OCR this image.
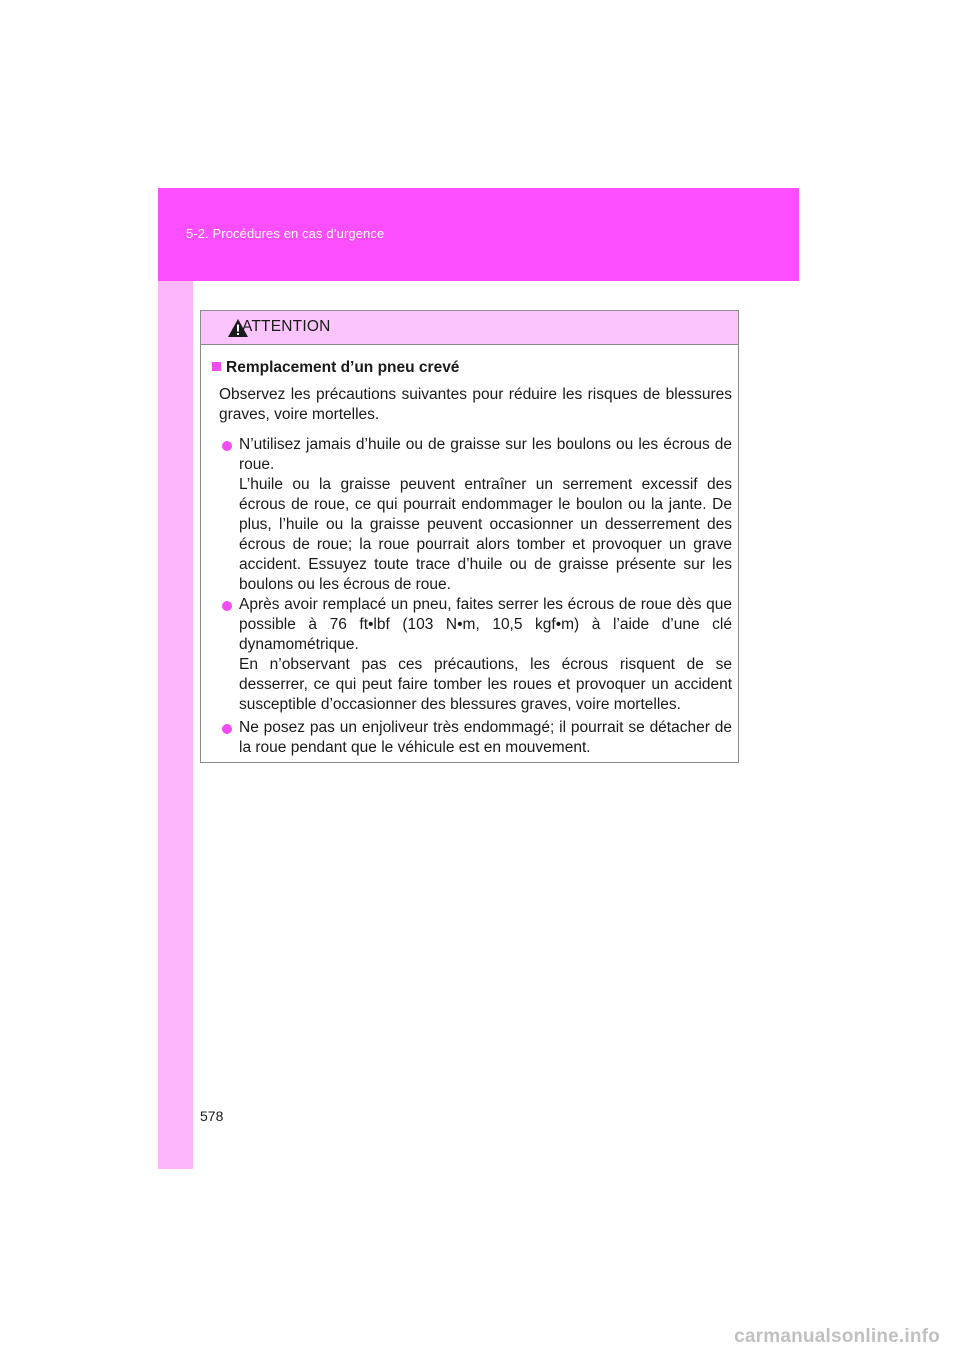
5-2. Procédures en cas d’urgence
ATTENTION
Remplacement d’un pneu crevé
Observez les précautions suivantes pour réduire les risques de blessures graves, voire mortelles.

N’utilisez jamais d’huile ou de graisse sur les boulons ou les écrous de roue.

L’huile ou la graisse peuvent entraîner un serrement excessif des écrous de roue, ce qui pourrait endommager le boulon ou la jante. De plus, l’huile ou la graisse peuvent occasionner un desserrement des écrous de roue; la roue pourrait alors tomber et provoquer un grave accident. Essuyez toute trace d’huile ou de graisse présente sur les boulons ou les écrous de roue.

Après avoir remplacé un pneu, faites serrer les écrous de roue dès que possible à 76 ft•lbf (103 N•m, 10,5 kgf•m) à l’aide d’une clé dynamométrique.

En n’observant pas ces précautions, les écrous risquent de se desserrer, ce qui peut faire tomber les roues et provoquer un accident susceptible d’occasionner des blessures graves, voire mortelles.

Ne posez pas un enjoliveur très endommagé; il pourrait se détacher de la roue pendant que le véhicule est en mouvement.

578
carmanualsonline.info
